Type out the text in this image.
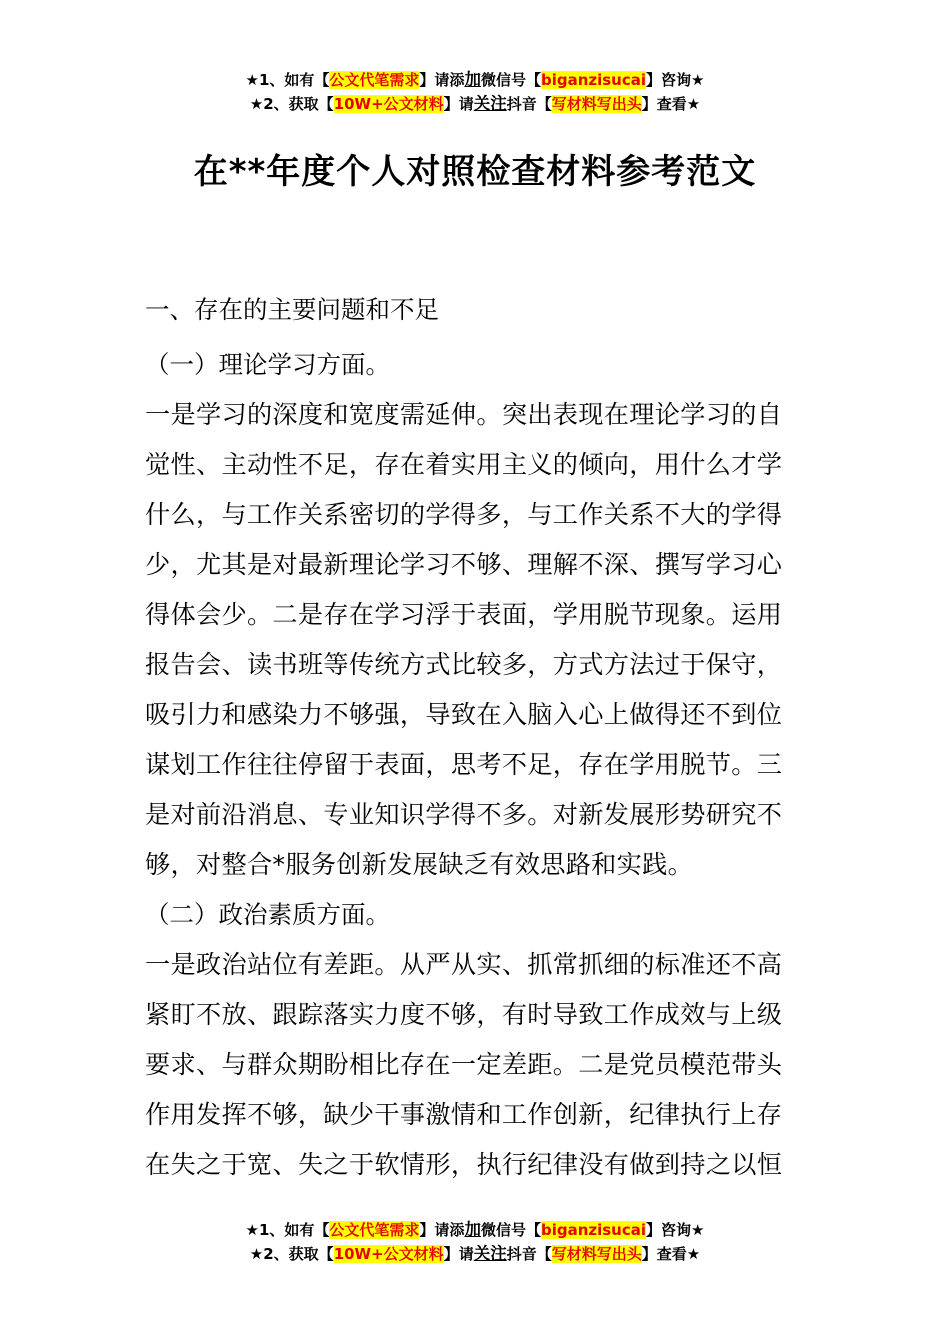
★1、如有【公文代笔需求】请添加微信号【biganzisucai】咨询★
★2、获取【10W+公文材料】请关注抖音【写材料写出头】查看★
在**年度个人对照检查材料参考范文
一、存在的主要问题和不足
（一）理论学习方面。
一是学习的深度和宽度需延伸。突出表现在理论学习的自
觉性、主动性不足，存在着实用主义的倾向，用什么才学
什么，与工作关系密切的学得多，与工作关系不大的学得
少，尤其是对最新理论学习不够、理解不深、撰写学习心
得体会少。二是存在学习浮于表面，学用脱节现象。运用
报告会、读书班等传统方式比较多，方式方法过于保守，
吸引力和感染力不够强，导致在入脑入心上做得还不到位
谋划工作往往停留于表面，思考不足，存在学用脱节。三
是对前沿消息、专业知识学得不多。对新发展形势研究不
够，对整合*服务创新发展缺乏有效思路和实践。
（二）政治素质方面。
一是政治站位有差距。从严从实、抓常抓细的标准还不高
紧盯不放、跟踪落实力度不够，有时导致工作成效与上级
要求、与群众期盼相比存在一定差距。二是党员模范带头
作用发挥不够，缺少干事激情和工作创新，纪律执行上存
在失之于宽、失之于软情形，执行纪律没有做到持之以恒
★1、如有【公文代笔需求】请添加微信号【biganzisucai】咨询★
★2、获取【10W+公文材料】请关注抖音【写材料写出头】查看★
